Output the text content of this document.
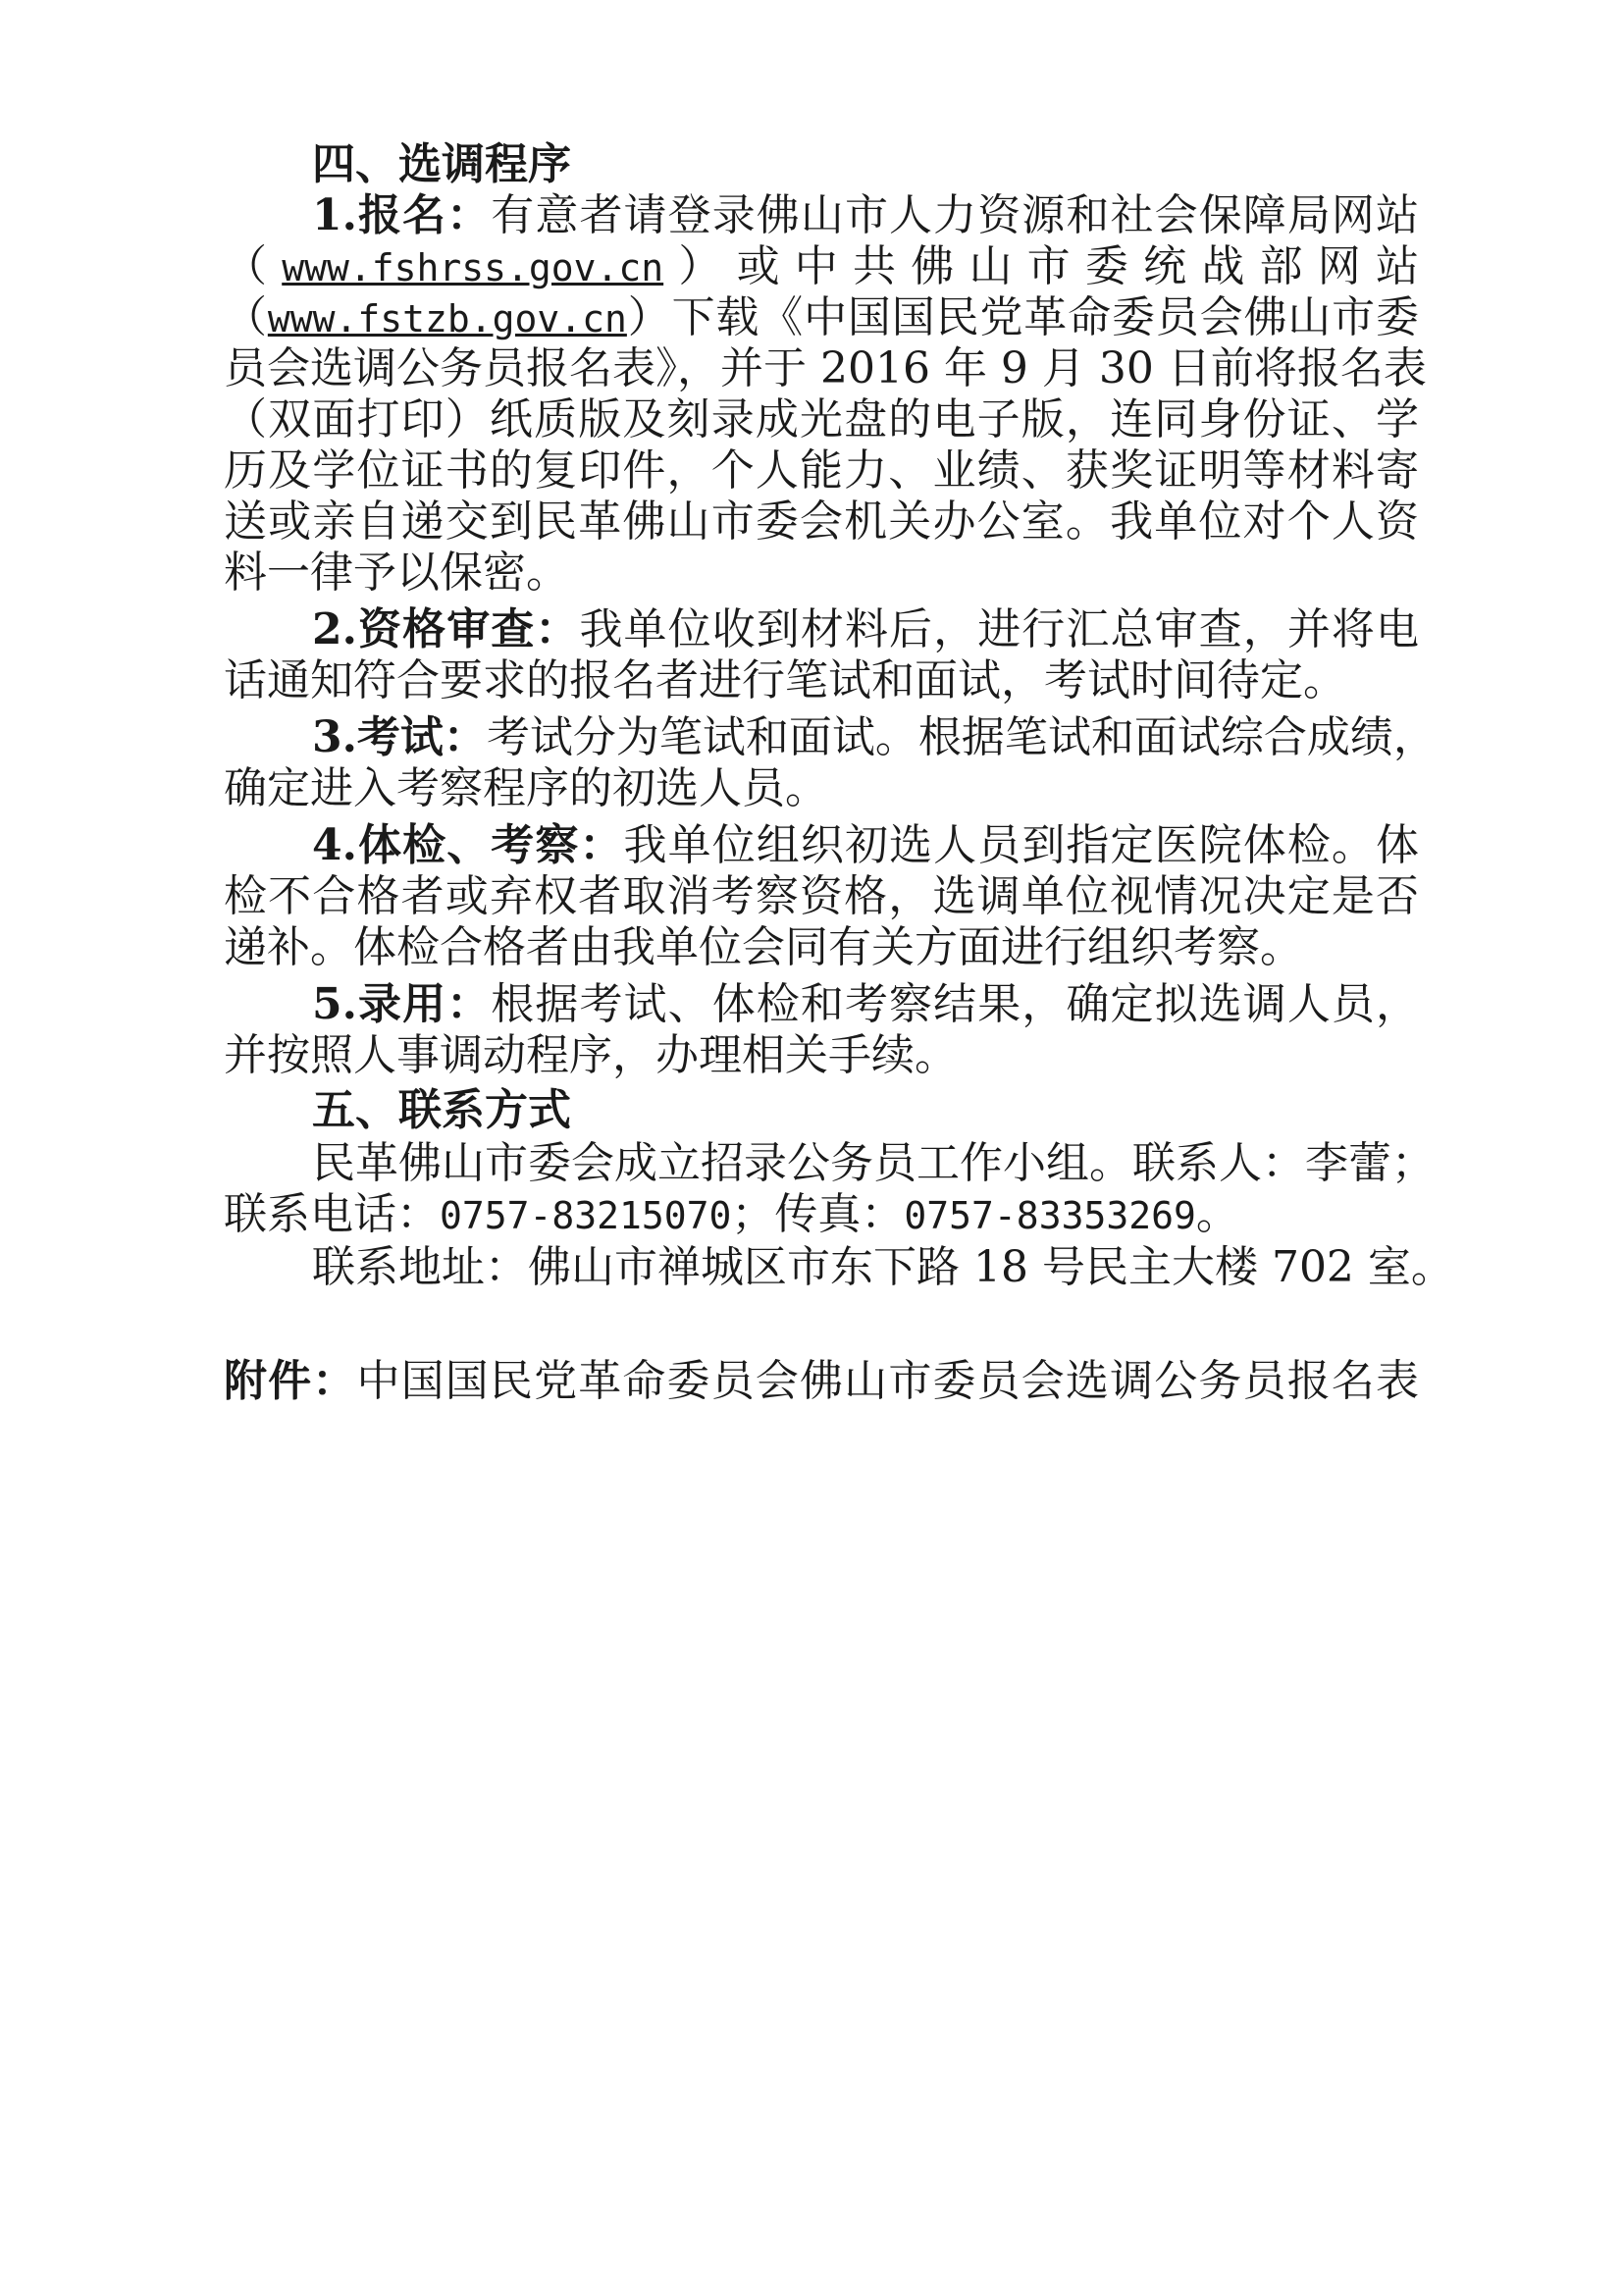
四、选调程序
1.报名：有意者请登录佛山市人力资源和社会保障局网站
（www.fshrss.gov.cn）或中共佛山市委统战部网站
（www.fstzb.gov.cn）下载《中国国民党革命委员会佛山市委
员会选调公务员报名表》，并于 2016 年 9 月 30 日前将报名表
（双面打印）纸质版及刻录成光盘的电子版，连同身份证、学
历及学位证书的复印件，个人能力、业绩、获奖证明等材料寄
送或亲自递交到民革佛山市委会机关办公室。我单位对个人资
料一律予以保密。
2.资格审查：我单位收到材料后，进行汇总审查，并将电
话通知符合要求的报名者进行笔试和面试，考试时间待定。
3.考试：考试分为笔试和面试。根据笔试和面试综合成绩，
确定进入考察程序的初选人员。
4.体检、考察：我单位组织初选人员到指定医院体检。体
检不合格者或弃权者取消考察资格，选调单位视情况决定是否
递补。体检合格者由我单位会同有关方面进行组织考察。
5.录用：根据考试、体检和考察结果，确定拟选调人员，
并按照人事调动程序，办理相关手续。
五、联系方式
民革佛山市委会成立招录公务员工作小组。联系人：李蕾；
联系电话：0757-83215070；传真：0757-83353269。
联系地址：佛山市禅城区市东下路 18 号民主大楼 702 室。
附件：中国国民党革命委员会佛山市委员会选调公务员报名表
